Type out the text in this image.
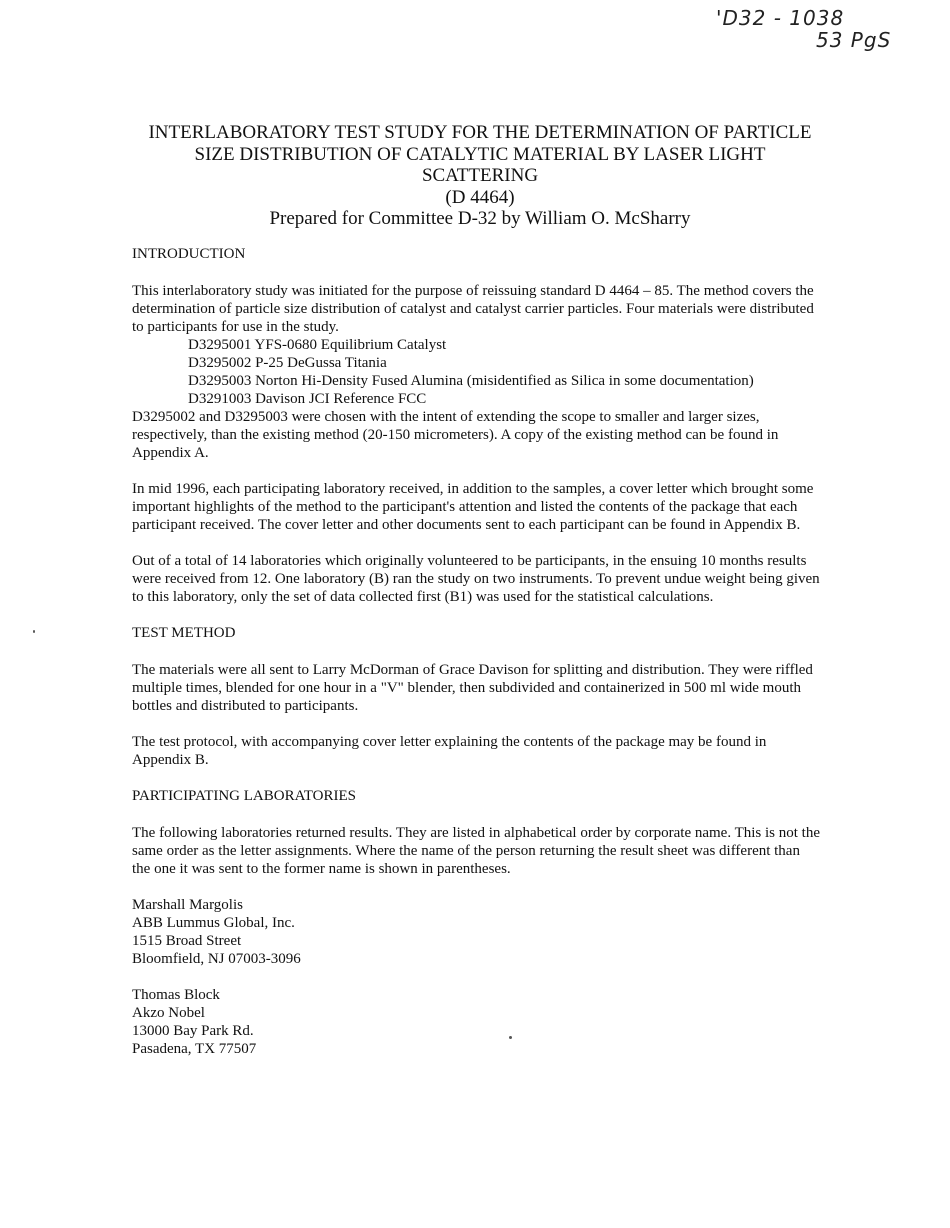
'D32 - 1038
53 PgS
INTERLABORATORY TEST STUDY FOR THE DETERMINATION OF PARTICLE
SIZE DISTRIBUTION OF CATALYTIC MATERIAL BY LASER LIGHT
SCATTERING
(D 4464)
Prepared for Committee D-32 by William O. McSharry
INTRODUCTION
This interlaboratory study was initiated for the purpose of reissuing standard D 4464 – 85. The method covers the determination of particle size distribution of catalyst and catalyst carrier particles. Four materials were distributed to participants for use in the study.
D3295001 YFS-0680 Equilibrium Catalyst
D3295002 P-25 DeGussa Titania
D3295003 Norton Hi-Density Fused Alumina (misidentified as Silica in some documentation)
D3291003 Davison JCI Reference FCC
D3295002 and D3295003 were chosen with the intent of extending the scope to smaller and larger sizes, respectively, than the existing method (20-150 micrometers). A copy of the existing method can be found in Appendix A.

In mid 1996, each participating laboratory received, in addition to the samples, a cover letter which brought some important highlights of the method to the participant's attention and listed the contents of the package that each participant received. The cover letter and other documents sent to each participant can be found in Appendix B.

Out of a total of 14 laboratories which originally volunteered to be participants, in the ensuing 10 months results were received from 12. One laboratory (B) ran the study on two instruments. To prevent undue weight being given to this laboratory, only the set of data collected first (B1) was used for the statistical calculations.

TEST METHOD

The materials were all sent to Larry McDorman of Grace Davison for splitting and distribution. They were riffled multiple times, blended for one hour in a "V" blender, then subdivided and containerized in 500 ml wide mouth bottles and distributed to participants.

The test protocol, with accompanying cover letter explaining the contents of the package may be found in Appendix B.

PARTICIPATING LABORATORIES

The following laboratories returned results. They are listed in alphabetical order by corporate name. This is not the same order as the letter assignments. Where the name of the person returning the result sheet was different than the one it was sent to the former name is shown in parentheses.

Marshall Margolis
ABB Lummus Global, Inc.
1515 Broad Street
Bloomfield, NJ 07003-3096
Thomas Block
Akzo Nobel
13000 Bay Park Rd.
Pasadena, TX 77507
